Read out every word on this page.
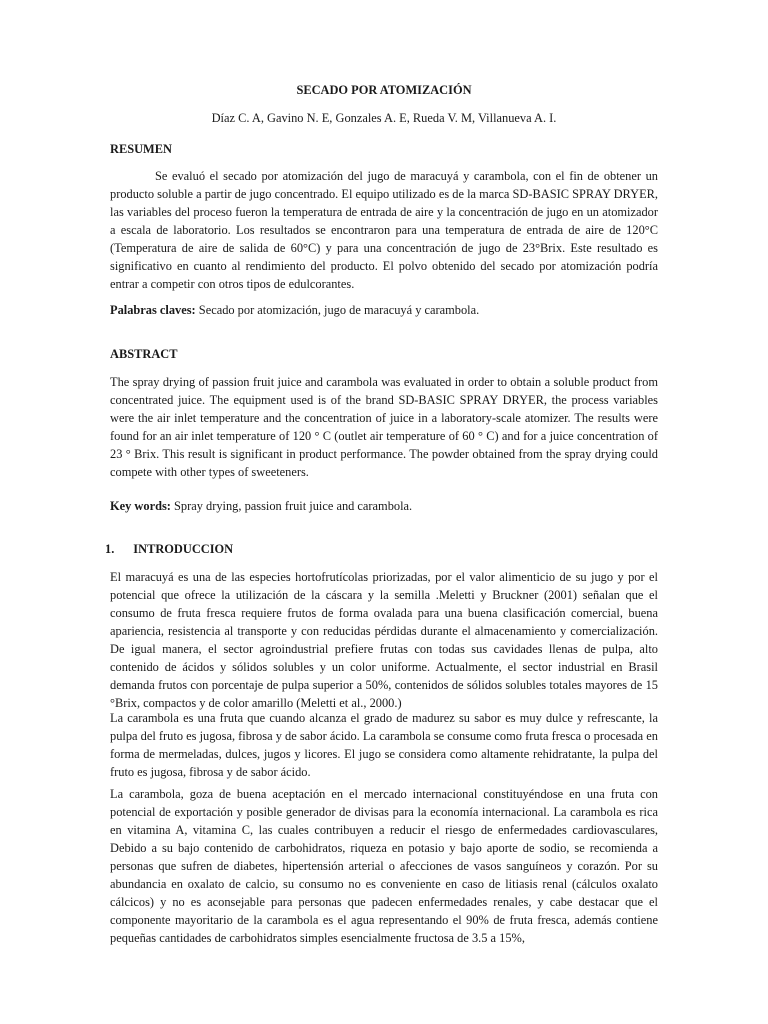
SECADO POR ATOMIZACIÓN
Díaz C. A, Gavino N. E, Gonzales A. E, Rueda V. M, Villanueva A. I.
RESUMEN

Se evaluó el secado por atomización del jugo de maracuyá y carambola, con el fin de obtener un producto soluble a partir de jugo concentrado. El equipo utilizado es de la marca SD-BASIC SPRAY DRYER, las variables del proceso fueron la temperatura de entrada de aire y la concentración de jugo en un atomizador a escala de laboratorio. Los resultados se encontraron para una temperatura de entrada de aire de 120°C (Temperatura de aire de salida de 60°C) y para una concentración de jugo de 23°Brix. Este resultado es significativo en cuanto al rendimiento del producto. El polvo obtenido del secado por atomización podría entrar a competir con otros tipos de edulcorantes.

Palabras claves: Secado por atomización, jugo de maracuyá y carambola.

ABSTRACT

The spray drying of passion fruit juice and carambola was evaluated in order to obtain a soluble product from concentrated juice. The equipment used is of the brand SD-BASIC SPRAY DRYER, the process variables were the air inlet temperature and the concentration of juice in a laboratory-scale atomizer. The results were found for an air inlet temperature of 120 ° C (outlet air temperature of 60 ° C) and for a juice concentration of 23 ° Brix. This result is significant in product performance. The powder obtained from the spray drying could compete with other types of sweeteners.

Key words: Spray drying, passion fruit juice and carambola.

1. INTRODUCCION

El maracuyá es una de las especies hortofrutícolas priorizadas, por el valor alimenticio de su jugo y por el potencial que ofrece la utilización de la cáscara y la semilla .Meletti y Bruckner (2001) señalan que el consumo de fruta fresca requiere frutos de forma ovalada para una buena clasificación comercial, buena apariencia, resistencia al transporte y con reducidas pérdidas durante el almacenamiento y comercialización. De igual manera, el sector agroindustrial prefiere frutas con todas sus cavidades llenas de pulpa, alto contenido de ácidos y sólidos solubles y un color uniforme. Actualmente, el sector industrial en Brasil demanda frutos con porcentaje de pulpa superior a 50%, contenidos de sólidos solubles totales mayores de 15 °Brix, compactos y de color amarillo (Meletti et al., 2000.)

La carambola es una fruta que cuando alcanza el grado de madurez su sabor es muy dulce y refrescante, la pulpa del fruto es jugosa, fibrosa y de sabor ácido. La carambola se consume como fruta fresca o procesada en forma de mermeladas, dulces, jugos y licores. El jugo se considera como altamente rehidratante, la pulpa del fruto es jugosa, fibrosa y de sabor ácido.

La carambola, goza de buena aceptación en el mercado internacional constituyéndose en una fruta con potencial de exportación y posible generador de divisas para la economía internacional. La carambola es rica en vitamina A, vitamina C, las cuales contribuyen a reducir el riesgo de enfermedades cardiovasculares, Debido a su bajo contenido de carbohidratos, riqueza en potasio y bajo aporte de sodio, se recomienda a personas que sufren de diabetes, hipertensión arterial o afecciones de vasos sanguíneos y corazón. Por su abundancia en oxalato de calcio, su consumo no es conveniente en caso de litiasis renal (cálculos oxalato cálcicos) y no es aconsejable para personas que padecen enfermedades renales, y cabe destacar que el componente mayoritario de la carambola es el agua representando el 90% de fruta fresca, además contiene pequeñas cantidades de carbohidratos simples esencialmente fructosa de 3.5 a 15%,
